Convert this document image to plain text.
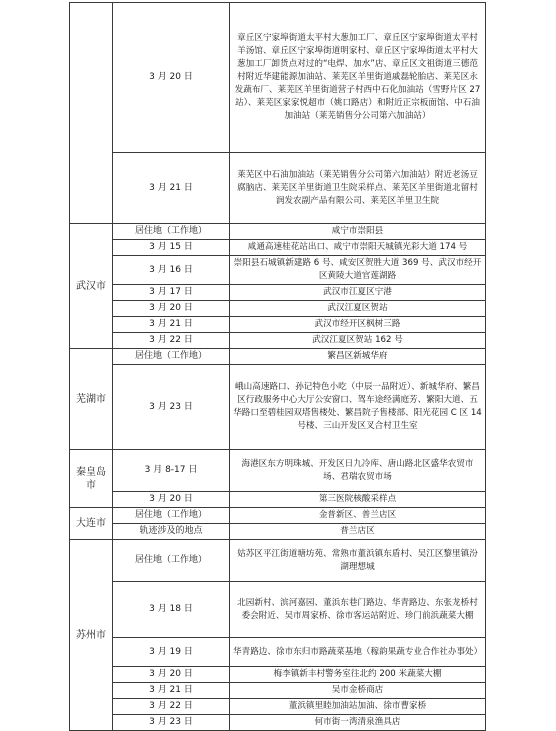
	3 月 20 日	章丘区宁家埠街道太平村大葱加工厂、章丘区宁家埠街道太平村羊汤馆、章丘区宁家埠街道明家村、章丘区宁家埠街道太平村大葱加工厂卸货点对过的“电焊、加水”店、章丘区文祖街道三德范村附近华建能源加油站、莱芜区羊里街道戚磊轮胎店、莱芜区永发蔬布厂、莱芜区羊里街道营子村西中石化加油站（雪野片区 27 站）、莱芜区家家悦超市（姚口路店）和附近正宗板面馆、中石油加油站（莱芜销售分公司第六加油站）
	3 月 21 日	莱芜区中石油加油站（莱芜销售分公司第六加油站）附近老汤豆腐脑店、莱芜区羊里街道卫生院采样点、莱芜区羊里街道北留村润发农副产品有限公司、莱芜区羊里卫生院
武汉市	居住地（工作地）	咸宁市崇阳县
	3 月 15 日	咸通高速桂花站出口、咸宁市崇阳天城镇光彩大道 174 号
	3 月 16 日	崇阳县石城镇新建路 6 号、咸安区贺胜大道 369 号、武汉市经开区黄陵大道官莲湖路
	3 月 17 日	武汉市江夏区宁港
	3 月 20 日	武汉江夏区贺站
	3 月 21 日	武汉市经开区枫树三路
	3 月 22 日	武汉江夏区贺站 162 号
芜湖市	居住地（工作地）	繁昌区新城华府
	3 月 23 日	峨山高速路口、孙记特色小吃（中辰一品附近）、新城华府、繁昌区行政服务中心大厅公安窗口、驾车途经满庭芳、繁阳大道、五华路口至碧桂园双塔售楼处、繁昌院子售楼部、阳光花园 C 区 14 号楼、三山开发区叉合村卫生室
秦皇岛市	3 月 8-17 日	海港区东方明珠城、开发区日九冷库、唐山路北区盛华农贸市场、君瑞农贸市场
	3 月 20 日	第三医院核酸采样点
大连市	居住地（工作地）	金普新区、普兰店区
	轨迹涉及的地点	普兰店区
苏州市	居住地（工作地）	姑苏区平江街道塘坊苑、常熟市董浜镇东盾村、吴江区黎里镇汾湖理想城
	3 月 18 日	北园新村、滨河嘉园、董浜东巷门路边、华青路边、东张龙桥村委会附近、吴市周家桥、徐市客运站附近、珍门前浜蔬菜大棚
	3 月 19 日	华青路边、徐市东归市路蔬菜基地（稼韵果蔬专业合作社办事处）
	3 月 20 日	梅李镇新丰村警务室往北约 200 米蔬菜大棚
	3 月 21 日	吴市金桥商店
	3 月 22 日	董浜镇里睦加油站加油、徐市曹家桥
	3 月 23 日	何市街一湾清泉渔具店
